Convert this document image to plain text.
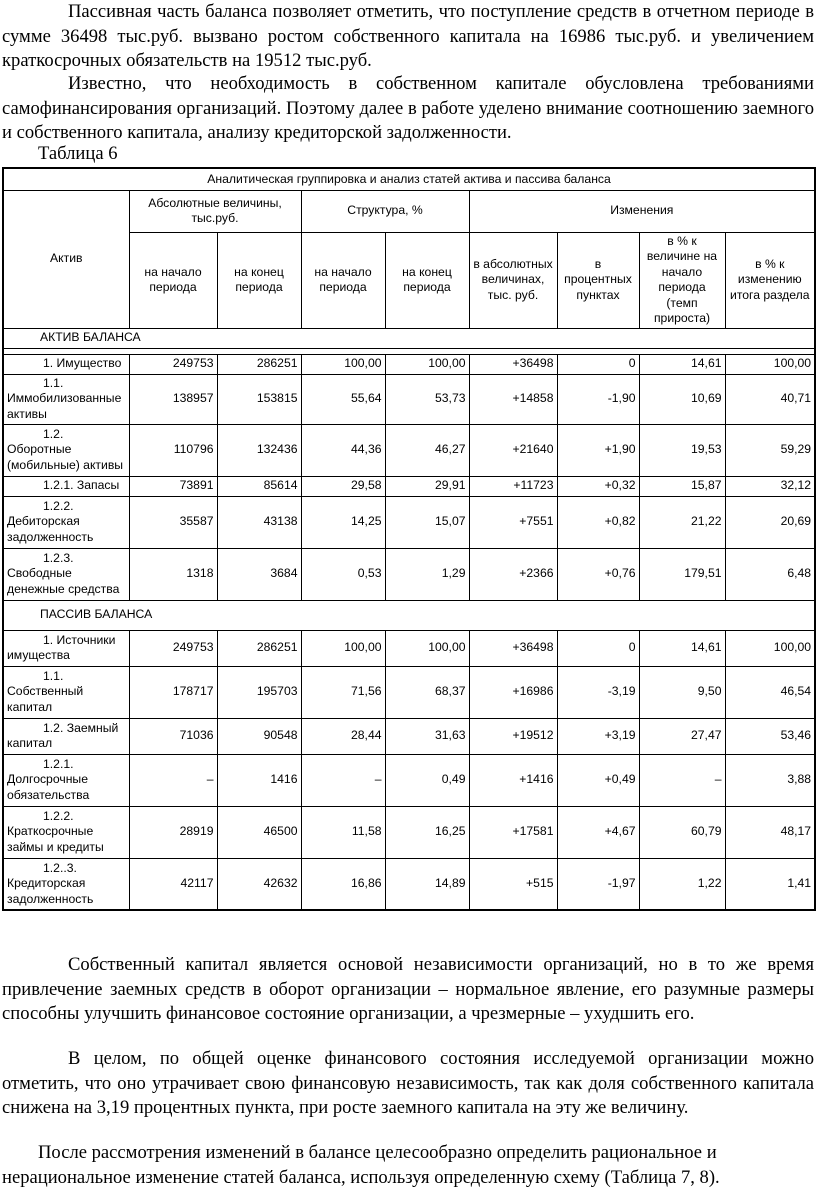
Пассивная часть баланса позволяет отметить, что поступление средств в отчетном периоде в сумме 36498 тыс.руб. вызвано ростом собственного капитала на 16986 тыс.руб. и увеличением краткосрочных обязательств на 19512 тыс.руб.

Известно, что необходимость в собственном капитале обусловлена требованиями самофинансирования организаций. Поэтому далее в работе уделено внимание соотношению заемного и собственного капитала, анализу кредиторской задолженности.

Таблица 6
Аналитическая группировка и анализ статей актива и пассива баланса								
Актив	Абсолютные величины, тыс.руб.		Структура, %		Изменения			
	на начало периода	на конец периода	на начало периода	на конец периода	в абсолютных величинах, тыс. руб.	в процентных пунктах	в % к величине на начало периода (темп прироста)	в % к изменению итога раздела
АКТИВ БАЛАНСА								

1. Имущество	249753	286251	100,00	100,00	+36498	0	14,61	100,00

1.1.
Иммобилизованные активы	138957	153815	55,64	53,73	+14858	-1,90	10,69	40,71

1.2.
Оборотные (мобильные) активы	110796	132436	44,36	46,27	+21640	+1,90	19,53	59,29

1.2.1. Запасы	73891	85614	29,58	29,91	+11723	+0,32	15,87	32,12

1.2.2.
Дебиторская задолженность	35587	43138	14,25	15,07	+7551	+0,82	21,22	20,69

1.2.3.
Свободные денежные средства	1318	3684	0,53	1,29	+2366	+0,76	179,51	6,48
ПАССИВ БАЛАНСА								

1. Источники
имущества	249753	286251	100,00	100,00	+36498	0	14,61	100,00

1.1.
Собственный капитал	178717	195703	71,56	68,37	+16986	-3,19	9,50	46,54

1.2. Заемный
капитал	71036	90548	28,44	31,63	+19512	+3,19	27,47	53,46

1.2.1.
Долгосрочные обязательства	–	1416	–	0,49	+1416	+0,49	–	3,88

1.2.2.
Краткосрочные займы и кредиты	28919	46500	11,58	16,25	+17581	+4,67	60,79	48,17

1.2..3.
Кредиторская задолженность	42117	42632	16,86	14,89	+515	-1,97	1,22	1,41

Собственный капитал является основой независимости организаций, но в то же время привлечение заемных средств в оборот организации – нормальное явление, его разумные размеры способны улучшить финансовое состояние организации, а чрезмерные – ухудшить его.

В целом, по общей оценке финансового состояния исследуемой организации можно отметить, что оно утрачивает свою финансовую независимость, так как доля собственного капитала снижена на 3,19 процентных пункта, при росте заемного капитала на эту же величину.

После рассмотрения изменений в балансе целесообразно определить рациональное и нерациональное изменение статей баланса, используя определенную схему (Таблица 7, 8).
